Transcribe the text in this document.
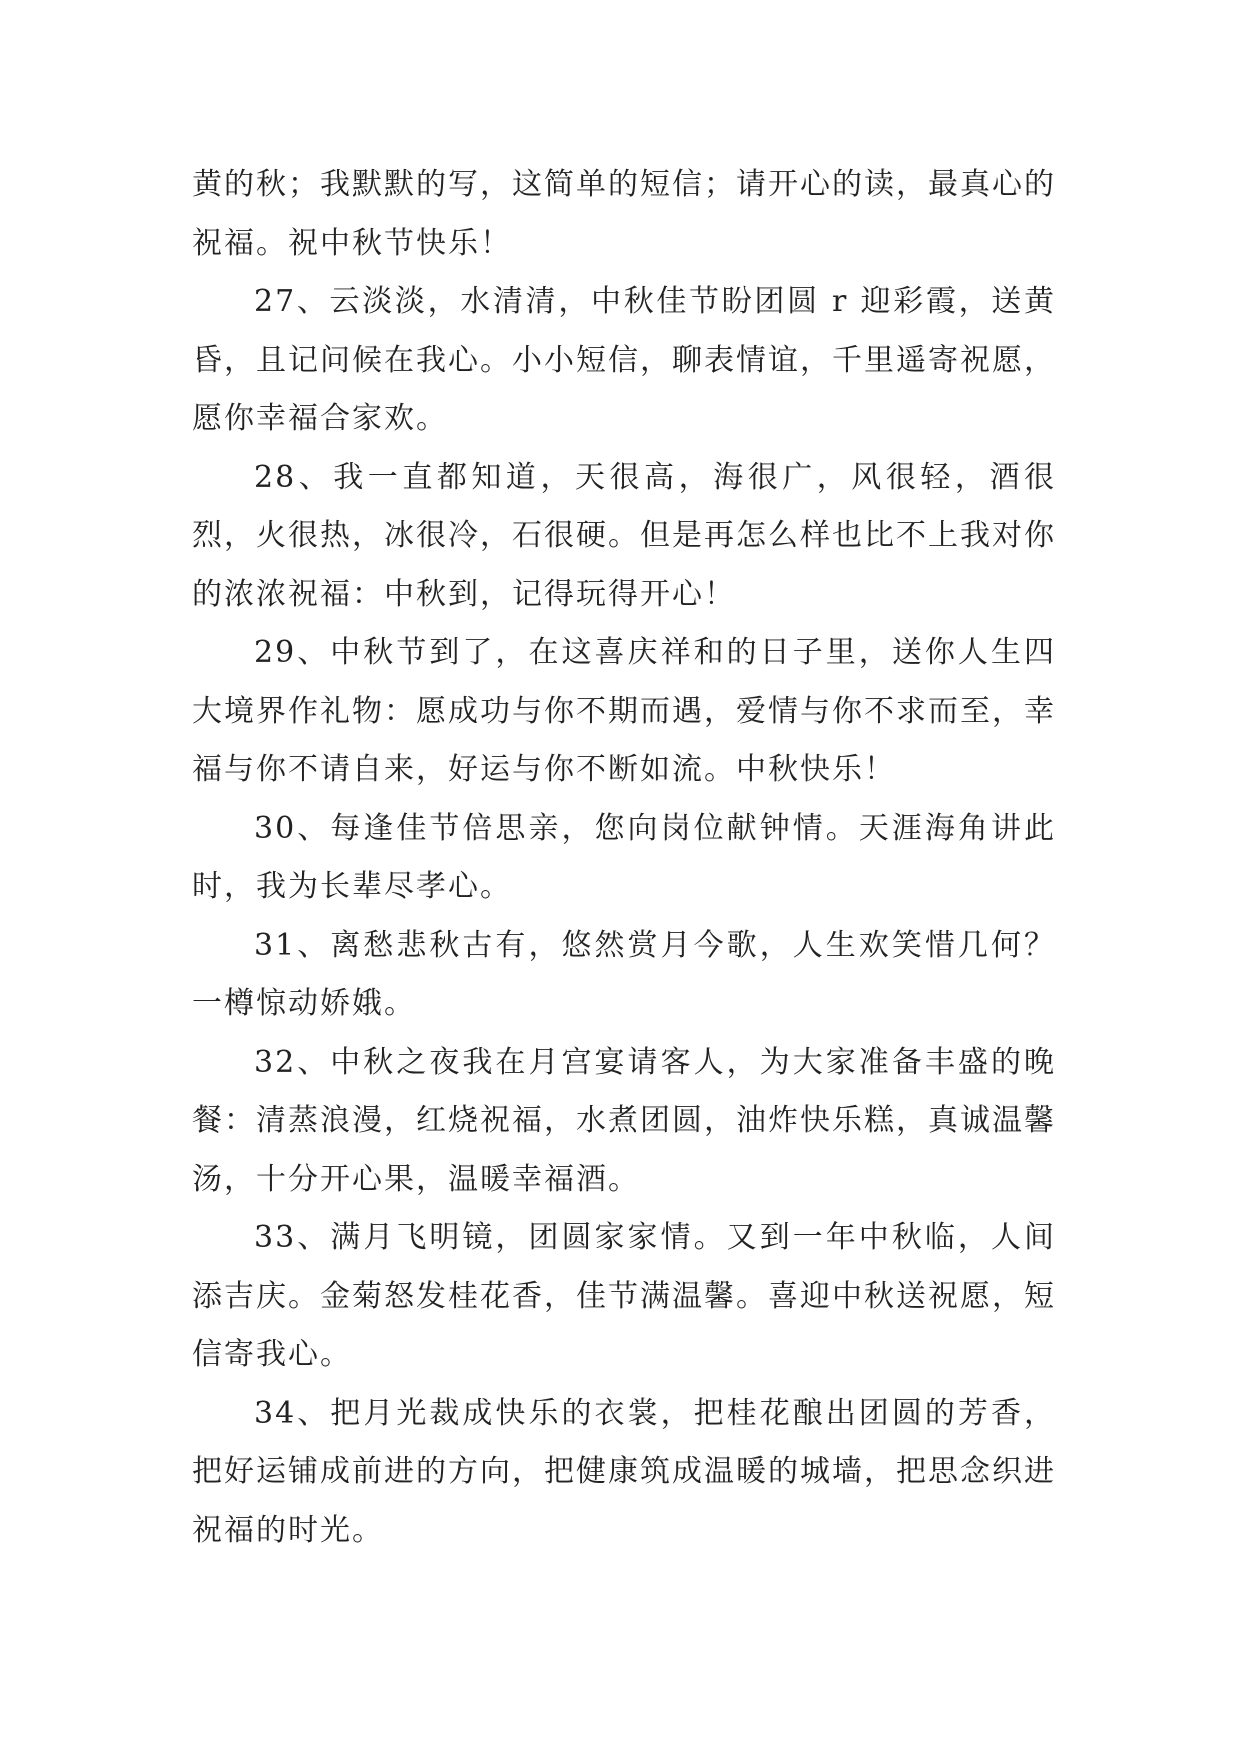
黄的秋；我默默的写，这简单的短信；请开心的读，最真心的祝福。祝中秋节快乐！

27、云淡淡，水清清，中秋佳节盼团圆 r 迎彩霞，送黄昏，且记问候在我心。小小短信，聊表情谊，千里遥寄祝愿，愿你幸福合家欢。

28、我一直都知道，天很高，海很广，风很轻，酒很烈，火很热，冰很冷，石很硬。但是再怎么样也比不上我对你的浓浓祝福：中秋到，记得玩得开心！

29、中秋节到了，在这喜庆祥和的日子里，送你人生四大境界作礼物：愿成功与你不期而遇，爱情与你不求而至，幸福与你不请自来，好运与你不断如流。中秋快乐！

30、每逢佳节倍思亲，您向岗位献钟情。天涯海角讲此时，我为长辈尽孝心。

31、离愁悲秋古有，悠然赏月今歌，人生欢笑惜几何？一樽惊动娇娥。

32、中秋之夜我在月宫宴请客人，为大家准备丰盛的晚餐：清蒸浪漫，红烧祝福，水煮团圆，油炸快乐糕，真诚温馨汤，十分开心果，温暖幸福酒。

33、满月飞明镜，团圆家家情。又到一年中秋临，人间添吉庆。金菊怒发桂花香，佳节满温馨。喜迎中秋送祝愿，短信寄我心。

34、把月光裁成快乐的衣裳，把桂花酿出团圆的芳香，把好运铺成前进的方向，把健康筑成温暖的城墙，把思念织进祝福的时光。
